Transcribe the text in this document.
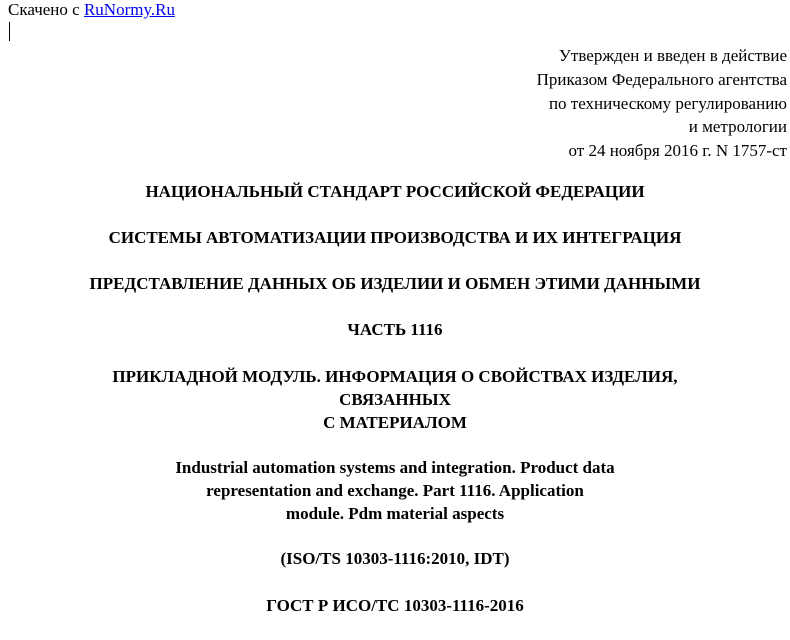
Скачено с RuNormy.Ru
Утвержден и введен в действие
Приказом Федерального агентства
по техническому регулированию
и метрологии
от 24 ноября 2016 г. N 1757-ст
НАЦИОНАЛЬНЫЙ СТАНДАРТ РОССИЙСКОЙ ФЕДЕРАЦИИ
СИСТЕМЫ АВТОМАТИЗАЦИИ ПРОИЗВОДСТВА И ИХ ИНТЕГРАЦИЯ
ПРЕДСТАВЛЕНИЕ ДАННЫХ ОБ ИЗДЕЛИИ И ОБМЕН ЭТИМИ ДАННЫМИ
ЧАСТЬ 1116
ПРИКЛАДНОЙ МОДУЛЬ. ИНФОРМАЦИЯ О СВОЙСТВАХ ИЗДЕЛИЯ,
СВЯЗАННЫХ
С МАТЕРИАЛОМ
Industrial automation systems and integration. Product data
representation and exchange. Part 1116. Application
module. Pdm material aspects
(ISO/TS 10303-1116:2010, IDT)
ГОСТ Р ИСО/ТС 10303-1116-2016
